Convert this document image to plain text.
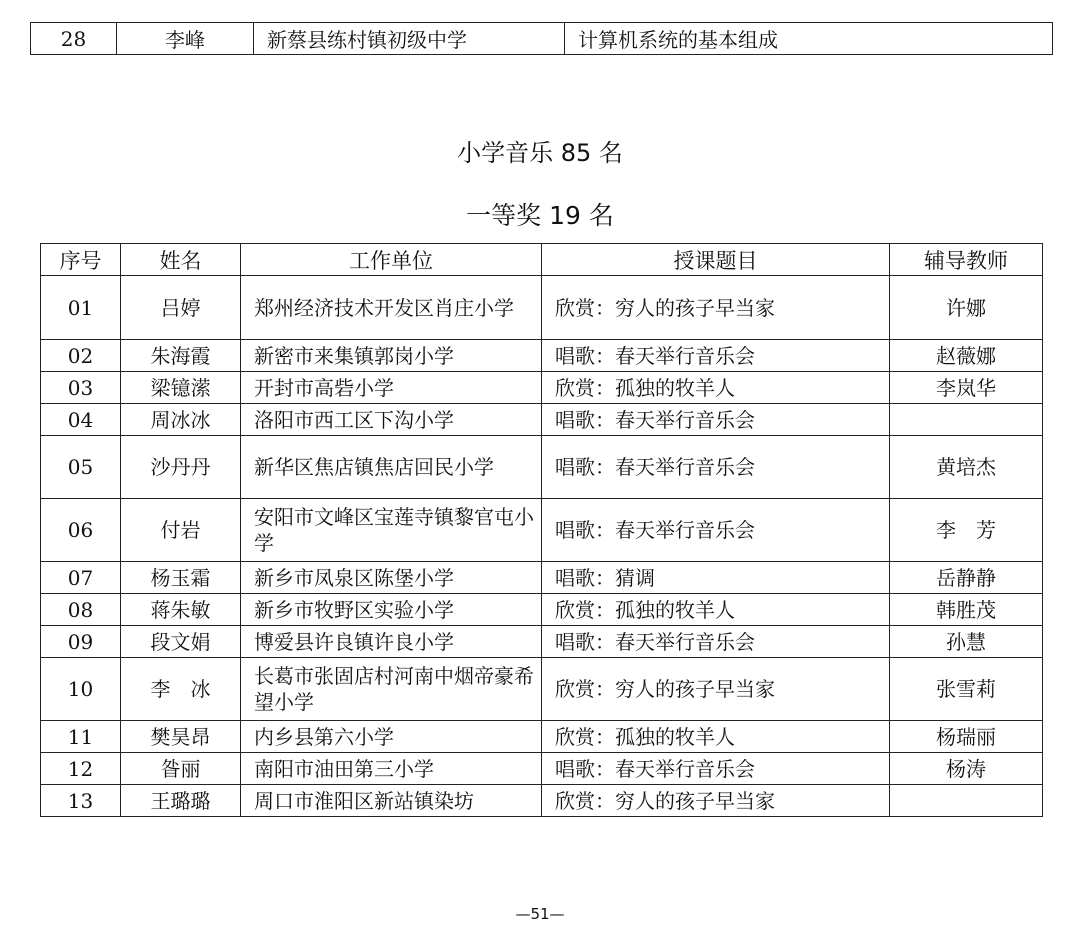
28	李峰	新蔡县练村镇初级中学	计算机系统的基本组成
小学音乐 85 名
一等奖 19 名
序号	姓名	工作单位	授课题目	辅导教师
01	吕婷	郑州经济技术开发区肖庄小学	欣赏：穷人的孩子早当家	许娜
02	朱海霞	新密市来集镇郭岗小学	唱歌：春天举行音乐会	赵薇娜
03	梁镱潆	开封市高砦小学	欣赏：孤独的牧羊人	李岚华
04	周冰冰	洛阳市西工区下沟小学	唱歌：春天举行音乐会	
05	沙丹丹	新华区焦店镇焦店回民小学	唱歌：春天举行音乐会	黄培杰
06	付岩	安阳市文峰区宝莲寺镇黎官屯小学	唱歌：春天举行音乐会	李　芳
07	杨玉霜	新乡市凤泉区陈堡小学	唱歌：猜调	岳静静
08	蒋朱敏	新乡市牧野区实验小学	欣赏：孤独的牧羊人	韩胜茂
09	段文娟	博爱县许良镇许良小学	唱歌：春天举行音乐会	孙慧
10	李　冰	长葛市张固店村河南中烟帝豪希望小学	欣赏：穷人的孩子早当家	张雪莉
11	樊昊昂	内乡县第六小学	欣赏：孤独的牧羊人	杨瑞丽
12	昝丽	南阳市油田第三小学	唱歌：春天举行音乐会	杨涛
13	王璐璐	周口市淮阳区新站镇染坊	欣赏：穷人的孩子早当家	
—51—
